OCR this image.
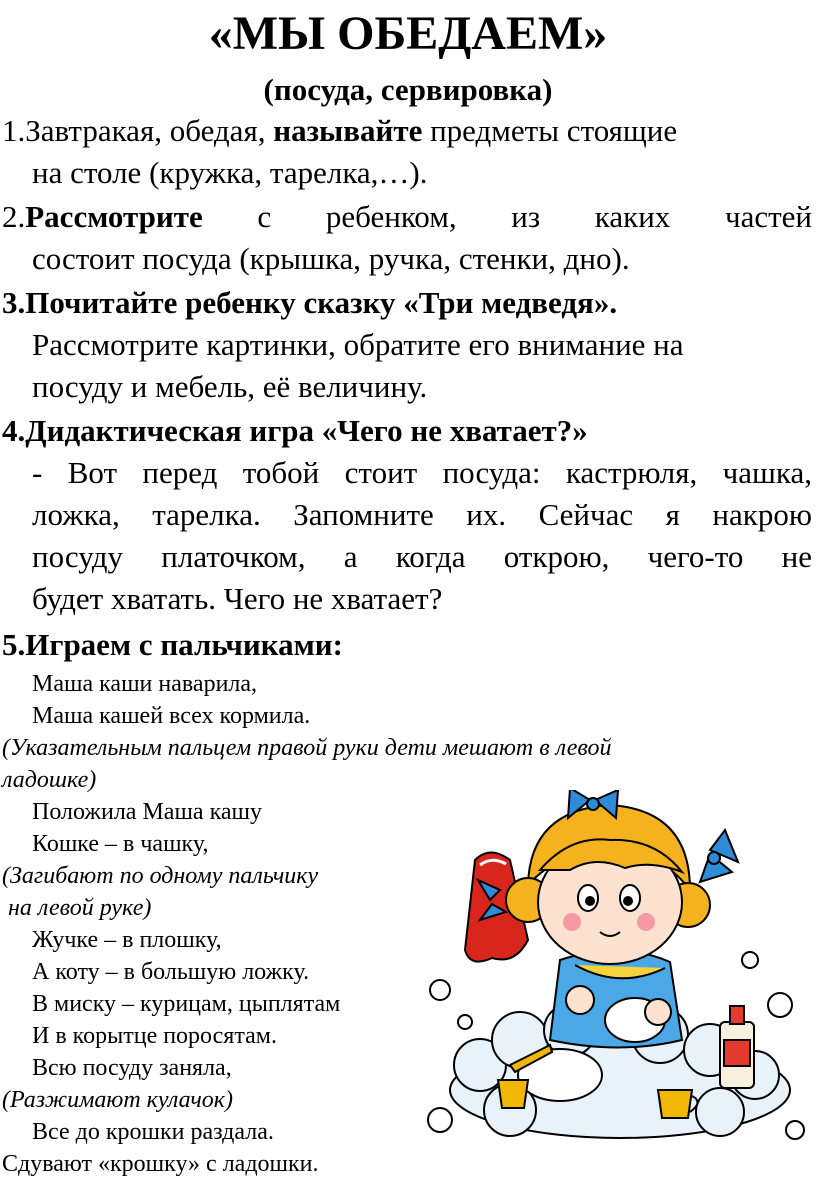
«МЫ ОБЕДАЕМ»
(посуда, сервировка)
1.Завтракая, обедая, называйте предметы стоящие
на столе (кружка, тарелка,…).
2.Рассмотрите с ребенком, из каких частей
состоит посуда (крышка, ручка, стенки, дно).
3.Почитайте ребенку сказку «Три медведя».
Рассмотрите картинки, обратите его внимание на
посуду и мебель, её величину.
4.Дидактическая игра «Чего не хватает?»
- Вот перед тобой стоит посуда: кастрюля, чашка,
ложка, тарелка. Запомните их. Сейчас я накрою
посуду платочком, а когда открою, чего-то не
будет хватать. Чего не хватает?
5.Играем с пальчиками:
Маша каши наварила,
Маша кашей всех кормила.
(Указательным пальцем правой руки дети мешают в левой
ладошке)
Положила Маша кашу
Кошке – в чашку,
(Загибают по одному пальчику
на левой руке)
Жучке – в плошку,
А коту – в большую ложку.
В миску – курицам, цыплятам
И в корытце поросятам.
Всю посуду заняла,
(Разжимают кулачок)
Все до крошки раздала.
Сдувают «крошку» с ладошки.
